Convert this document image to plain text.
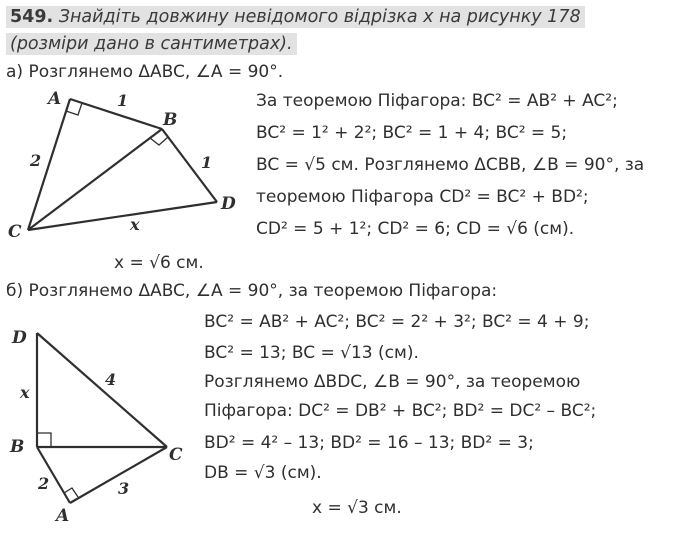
A
B
C
D
1
2	1
x
D
B	C
A
x
4
2	3
549. Знайдіть довжину невідомого відрізка x на рисунку 178
(розміри дано в сантиметрах).
а) Розглянемо ΔABC, ∠A = 90°.
За теоремою Піфагора: BC² = AB² + AC²;
BC² = 1² + 2²; BC² = 1 + 4; BC² = 5;
BC = √5 см. Розглянемо ΔCBB, ∠B = 90°, за
теоремою Піфагора CD² = BC² + BD²;
CD² = 5 + 1²; CD² = 6; CD = √6 (см).
x = √6 см.
б) Розглянемо ΔABC, ∠A = 90°, за теоремою Піфагора:
BC² = AB² + AC²; BC² = 2² + 3²; BC² = 4 + 9;
BC² = 13; BC = √13 (см).
Розглянемо ΔBDC, ∠B = 90°, за теоремою
Піфагора: DC² = DB² + BC²; BD² = DC² – BC²;
BD² = 4² – 13; BD² = 16 – 13; BD² = 3;
DB = √3 (см).
x = √3 см.
